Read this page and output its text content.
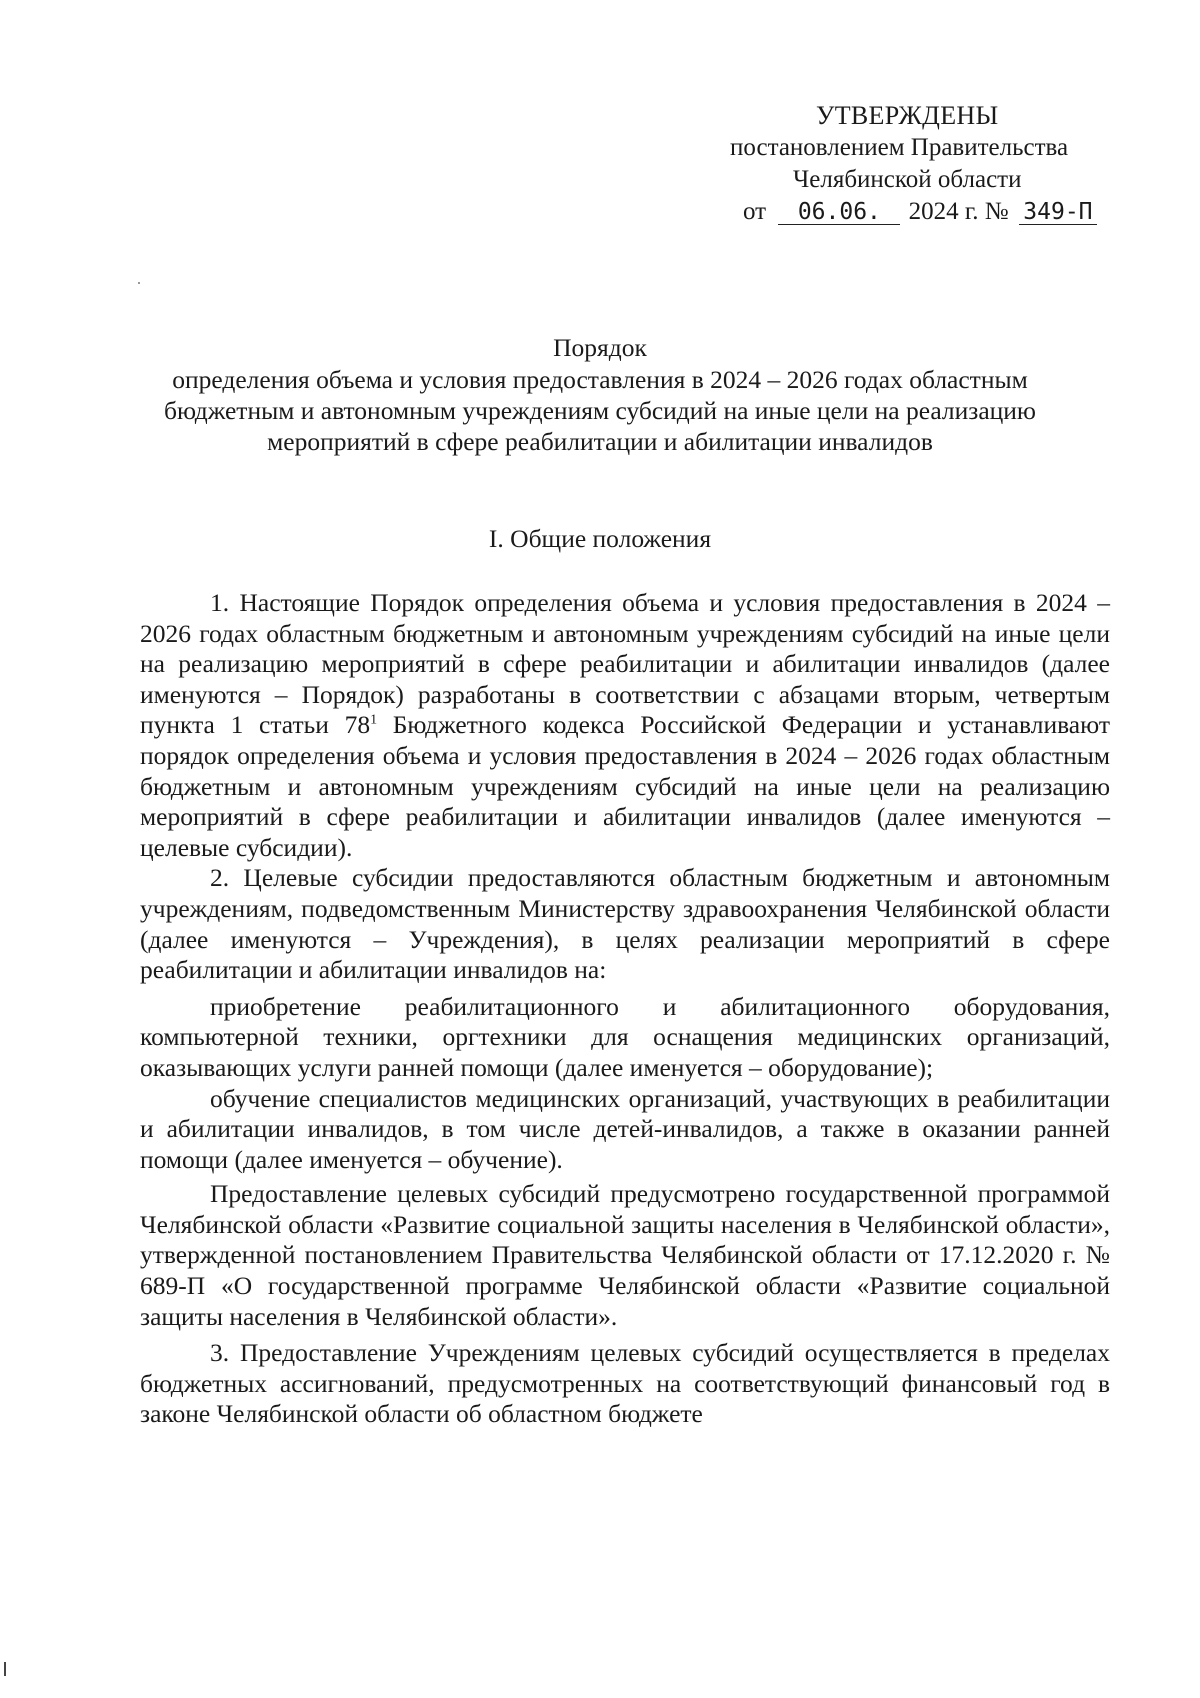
УТВЕРЖДЕНЫ
постановлением Правительства
Челябинской области
от 06.06. 2024 г. № 349-П
Порядок
определения объема и условия предоставления в 2024 – 2026 годах областным
бюджетным и автономным учреждениям субсидий на иные цели на реализацию
мероприятий в сфере реабилитации и абилитации инвалидов
I. Общие положения

1. Настоящие Порядок определения объема и условия предоставления в 2024 – 2026 годах областным бюджетным и автономным учреждениям субсидий на иные цели на реализацию мероприятий в сфере реабилитации и абилитации инвалидов (далее именуются – Порядок) разработаны в соответствии с абзацами вторым, четвертым пункта 1 статьи $78^1$ Бюджетного кодекса Российской Федерации и устанавливают порядок определения объема и условия предоставления в 2024 – 2026 годах областным бюджетным и автономным учреждениям субсидий на иные цели на реализацию мероприятий в сфере реабилитации и абилитации инвалидов (далее именуются – целевые субсидии).

2. Целевые субсидии предоставляются областным бюджетным и автономным учреждениям, подведомственным Министерству здравоохранения Челябинской области (далее именуются – Учреждения), в целях реализации мероприятий в сфере реабилитации и абилитации инвалидов на:

приобретение реабилитационного и абилитационного оборудования, компьютерной техники, оргтехники для оснащения медицинских организаций, оказывающих услуги ранней помощи (далее именуется – оборудование);

обучение специалистов медицинских организаций, участвующих в реабилитации и абилитации инвалидов, в том числе детей-инвалидов, а также в оказании ранней помощи (далее именуется – обучение).

Предоставление целевых субсидий предусмотрено государственной программой Челябинской области «Развитие социальной защиты населения в Челябинской области», утвержденной постановлением Правительства Челябинской области от 17.12.2020 г. № 689-П «О государственной программе Челябинской области «Развитие социальной защиты населения в Челябинской области».

3. Предоставление Учреждениям целевых субсидий осуществляется в пределах бюджетных ассигнований, предусмотренных на соответствующий финансовый год в законе Челябинской области об областном бюджете
